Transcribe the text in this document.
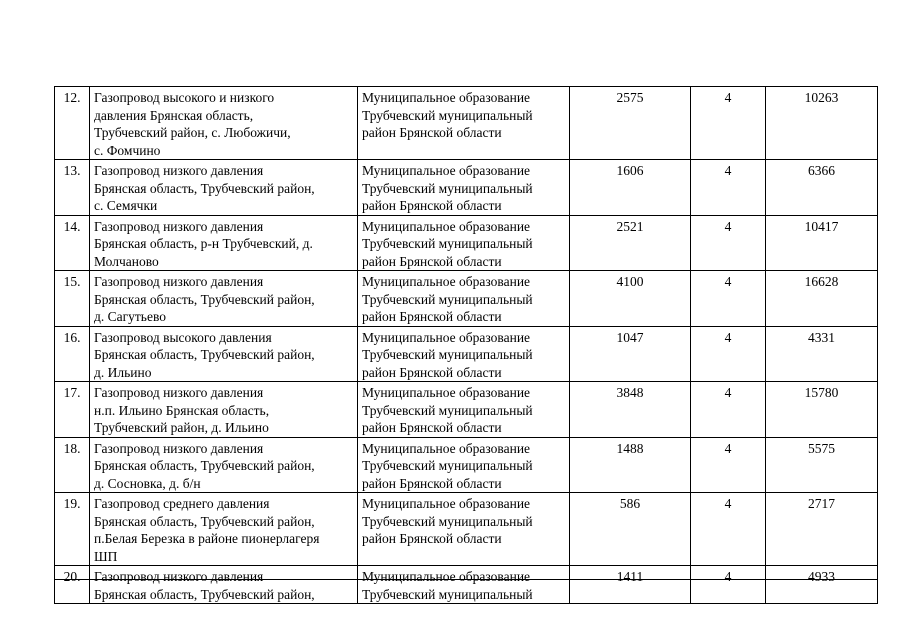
12.	Газопровод высокого и низкого
давления Брянская область,
Трубчевский район, с. Любожичи,
с. Фомчино	Муниципальное образование
Трубчевский муниципальный
район Брянской области	2575	4	10263
13.	Газопровод низкого давления
Брянская область, Трубчевский район,
с. Семячки	Муниципальное образование
Трубчевский муниципальный
район Брянской области	1606	4	6366
14.	Газопровод низкого давления
Брянская область, р-н Трубчевский, д.
Молчаново	Муниципальное образование
Трубчевский муниципальный
район Брянской области	2521	4	10417
15.	Газопровод низкого давления
Брянская область, Трубчевский район,
д. Сагутьево	Муниципальное образование
Трубчевский муниципальный
район Брянской области	4100	4	16628
16.	Газопровод высокого давления
Брянская область, Трубчевский район,
д. Ильино	Муниципальное образование
Трубчевский муниципальный
район Брянской области	1047	4	4331
17.	Газопровод низкого давления
н.п. Ильино Брянская область,
Трубчевский район, д. Ильино	Муниципальное образование
Трубчевский муниципальный
район Брянской области	3848	4	15780
18.	Газопровод низкого давления
Брянская область, Трубчевский район,
д. Сосновка, д. б/н	Муниципальное образование
Трубчевский муниципальный
район Брянской области	1488	4	5575
19.	Газопровод среднего давления
Брянская область, Трубчевский район,
п.Белая Березка в районе пионерлагеря
ШП	Муниципальное образование
Трубчевский муниципальный
район Брянской области	586	4	2717
20.	Газопровод низкого давления
Брянская область, Трубчевский район,	Муниципальное образование
Трубчевский муниципальный	1411	4	4933
